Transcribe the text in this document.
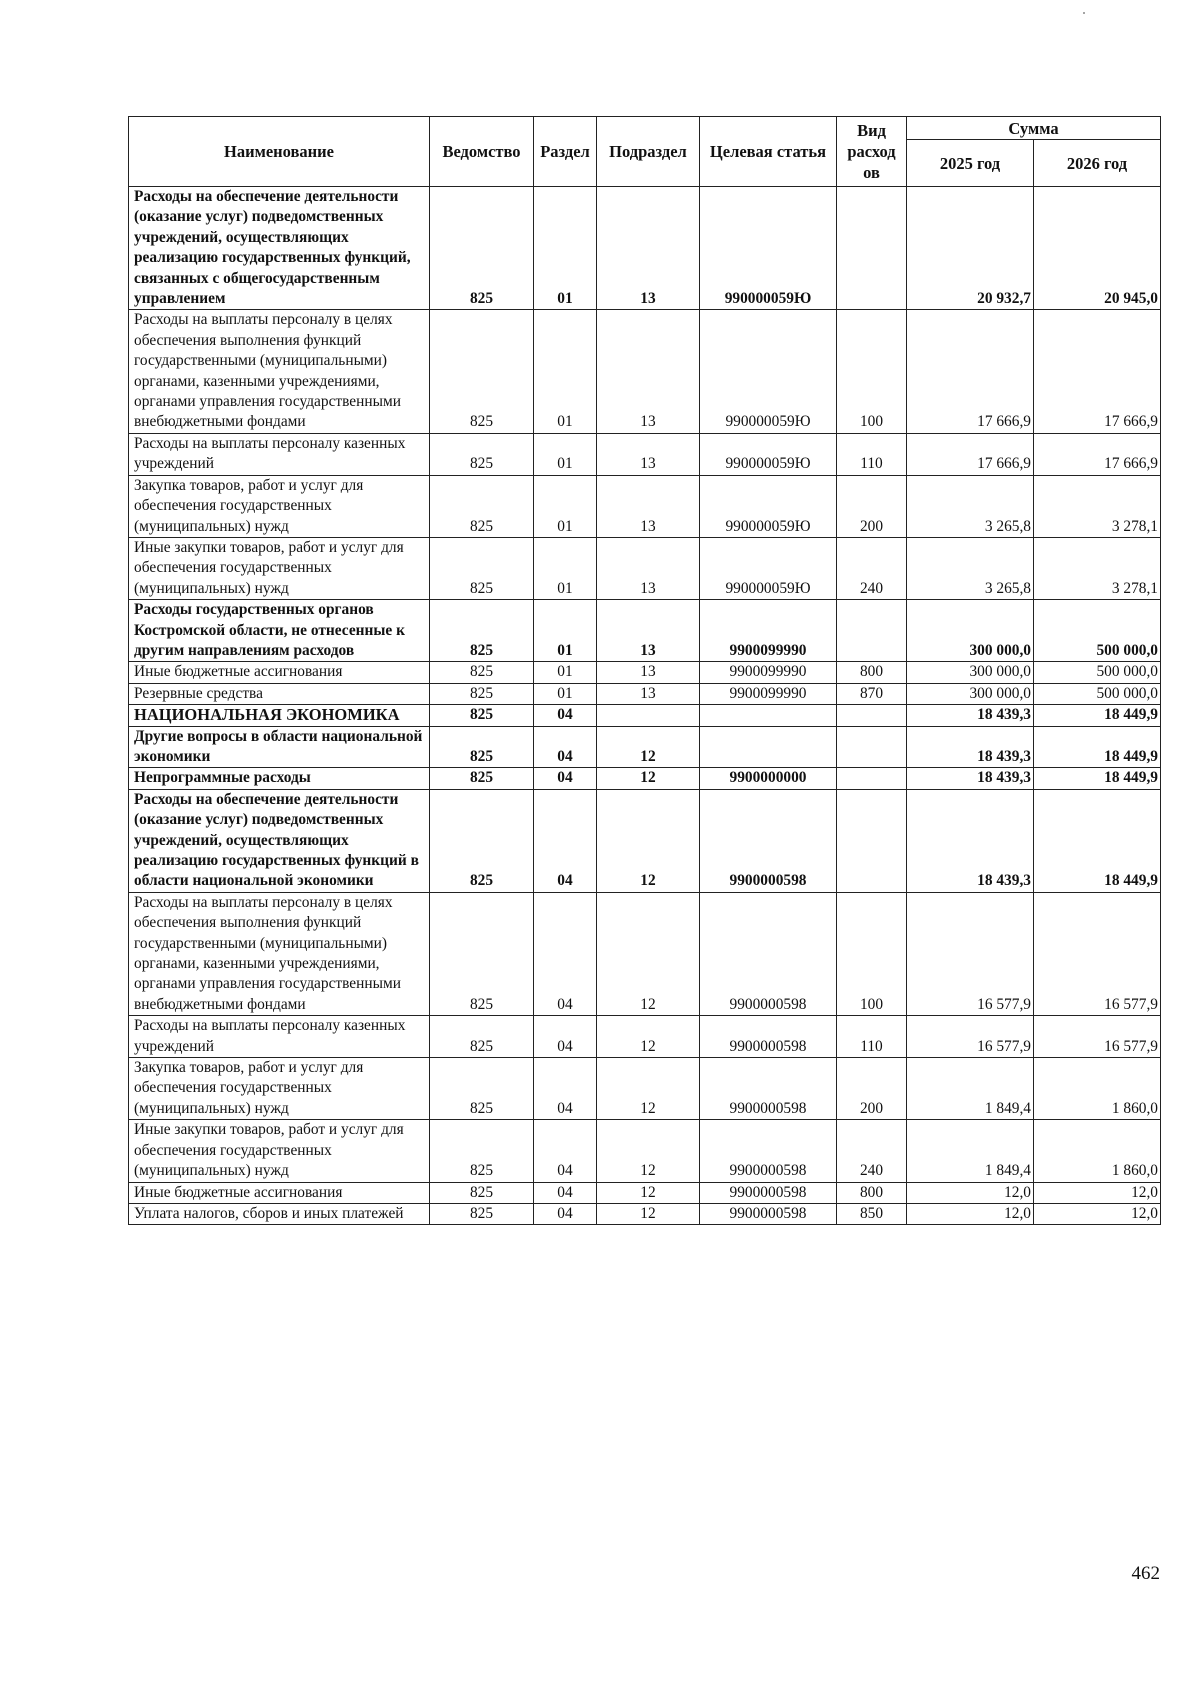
Наименование	Ведомство	Раздел	Подраздел	Целевая статья	Вид расход ов	Сумма	
						2025 год	2026 год
Расходы на обеспечение деятельности (оказание услуг) подведомственных учреждений, осуществляющих реализацию государственных функций, связанных с общегосударственным управлением	825	01	13	990000059Ю		20 932,7	20 945,0
Расходы на выплаты персоналу в целях обеспечения выполнения функций государственными (муниципальными) органами, казенными учреждениями, органами управления государственными внебюджетными фондами	825	01	13	990000059Ю	100	17 666,9	17 666,9
Расходы на выплаты персоналу казенных учреждений	825	01	13	990000059Ю	110	17 666,9	17 666,9
Закупка товаров, работ и услуг для обеспечения государственных (муниципальных) нужд	825	01	13	990000059Ю	200	3 265,8	3 278,1
Иные закупки товаров, работ и услуг для обеспечения государственных (муниципальных) нужд	825	01	13	990000059Ю	240	3 265,8	3 278,1
Расходы государственных органов Костромской области, не отнесенные к другим направлениям расходов	825	01	13	9900099990		300 000,0	500 000,0
Иные бюджетные ассигнования	825	01	13	9900099990	800	300 000,0	500 000,0
Резервные средства	825	01	13	9900099990	870	300 000,0	500 000,0
НАЦИОНАЛЬНАЯ ЭКОНОМИКА	825	04				18 439,3	18 449,9
Другие вопросы в области национальной экономики	825	04	12			18 439,3	18 449,9
Непрограммные расходы	825	04	12	9900000000		18 439,3	18 449,9
Расходы на обеспечение деятельности (оказание услуг) подведомственных учреждений, осуществляющих реализацию государственных функций в области национальной экономики	825	04	12	9900000598		18 439,3	18 449,9
Расходы на выплаты персоналу в целях обеспечения выполнения функций государственными (муниципальными) органами, казенными учреждениями, органами управления государственными внебюджетными фондами	825	04	12	9900000598	100	16 577,9	16 577,9
Расходы на выплаты персоналу казенных учреждений	825	04	12	9900000598	110	16 577,9	16 577,9
Закупка товаров, работ и услуг для обеспечения государственных (муниципальных) нужд	825	04	12	9900000598	200	1 849,4	1 860,0
Иные закупки товаров, работ и услуг для обеспечения государственных (муниципальных) нужд	825	04	12	9900000598	240	1 849,4	1 860,0
Иные бюджетные ассигнования	825	04	12	9900000598	800	12,0	12,0
Уплата налогов, сборов и иных платежей	825	04	12	9900000598	850	12,0	12,0
462
